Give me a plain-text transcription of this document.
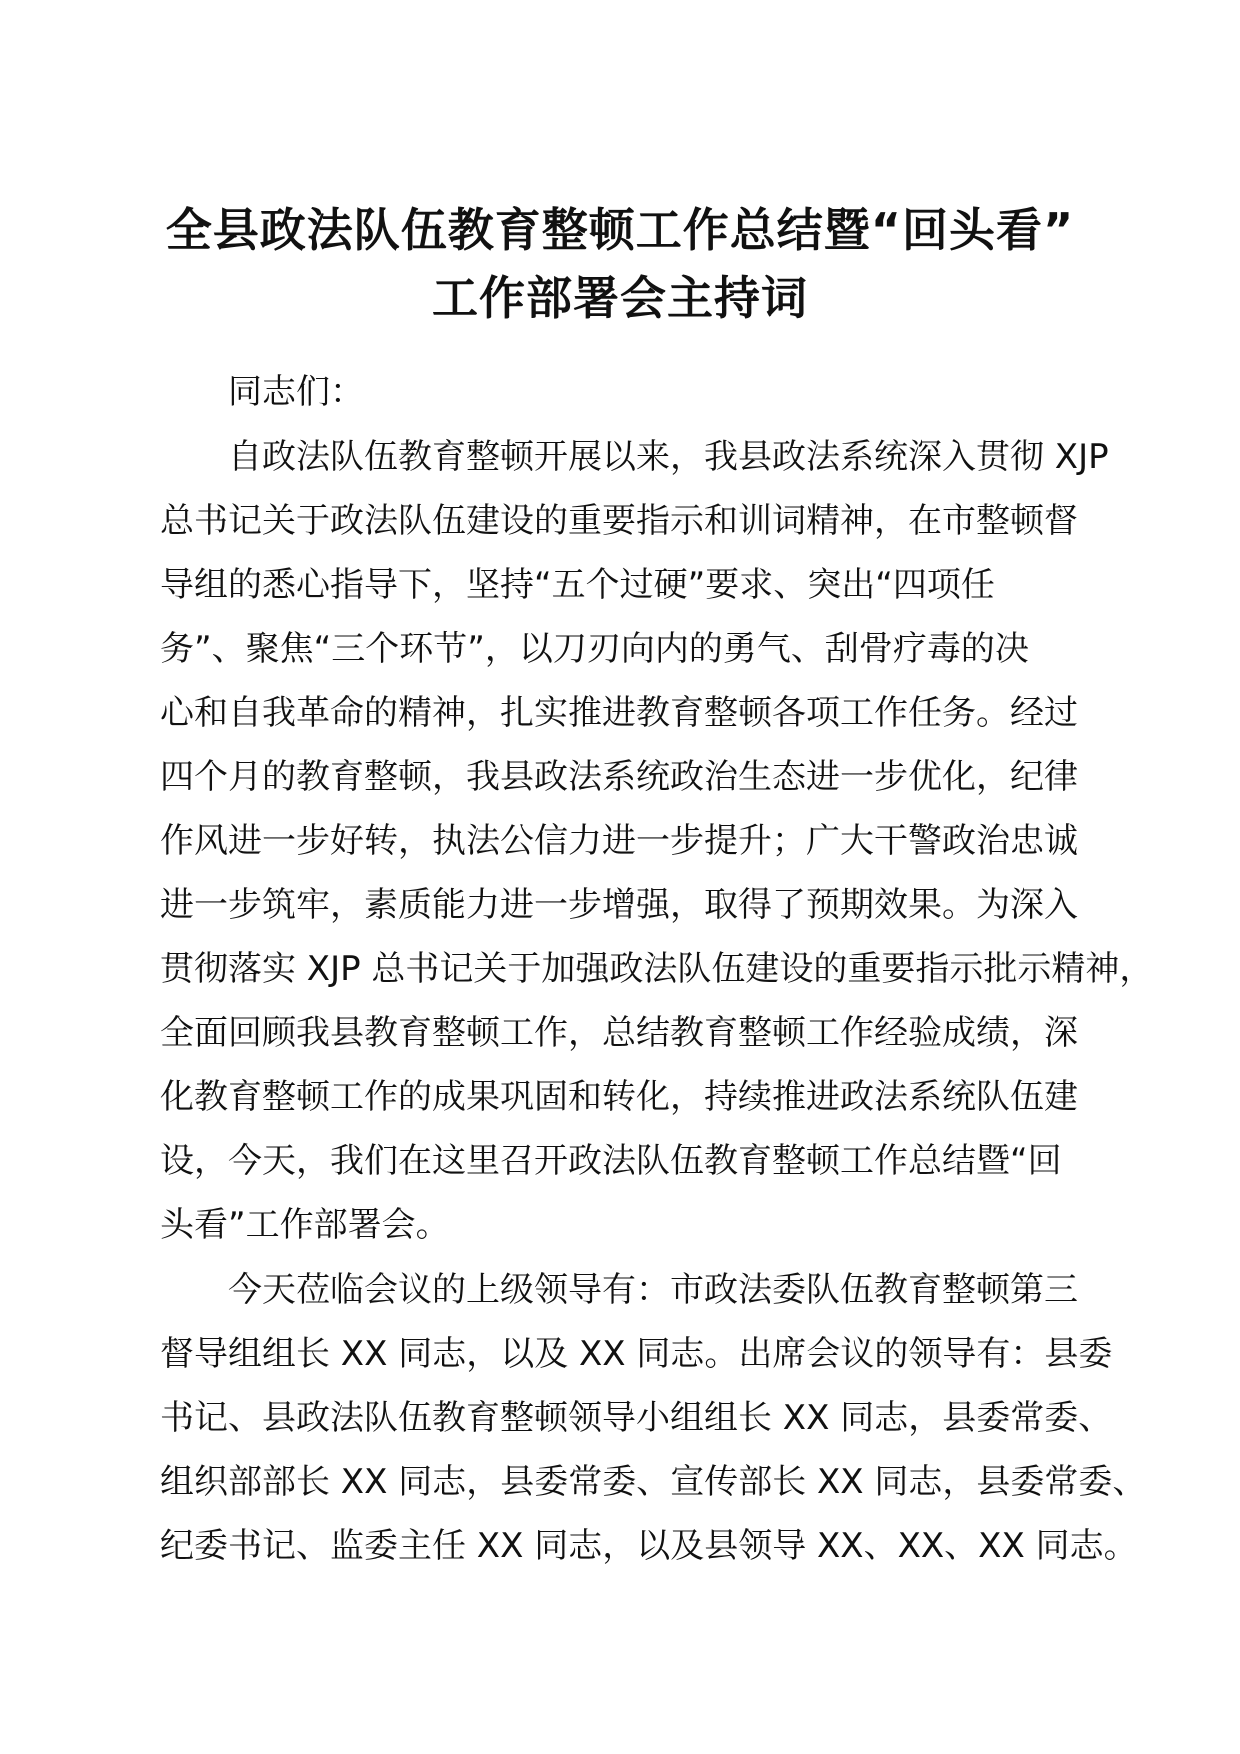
全县政法队伍教育整顿工作总结暨“回头看”
工作部署会主持词

同志们：

自政法队伍教育整顿开展以来，我县政法系统深入贯彻 XJP
总书记关于政法队伍建设的重要指示和训词精神，在市整顿督
导组的悉心指导下，坚持“五个过硬”要求、突出“四项任
务”、聚焦“三个环节”，以刀刃向内的勇气、刮骨疗毒的决
心和自我革命的精神，扎实推进教育整顿各项工作任务。经过
四个月的教育整顿，我县政法系统政治生态进一步优化，纪律
作风进一步好转，执法公信力进一步提升；广大干警政治忠诚
进一步筑牢，素质能力进一步增强，取得了预期效果。为深入
贯彻落实 XJP 总书记关于加强政法队伍建设的重要指示批示精神，
全面回顾我县教育整顿工作，总结教育整顿工作经验成绩，深
化教育整顿工作的成果巩固和转化，持续推进政法系统队伍建
设，今天，我们在这里召开政法队伍教育整顿工作总结暨“回
头看”工作部署会。

今天莅临会议的上级领导有：市政法委队伍教育整顿第三
督导组组长 XX 同志，以及 XX 同志。出席会议的领导有：县委
书记、县政法队伍教育整顿领导小组组长 XX 同志，县委常委、
组织部部长 XX 同志，县委常委、宣传部长 XX 同志，县委常委、
纪委书记、监委主任 XX 同志，以及县领导 XX、XX、XX 同志。
